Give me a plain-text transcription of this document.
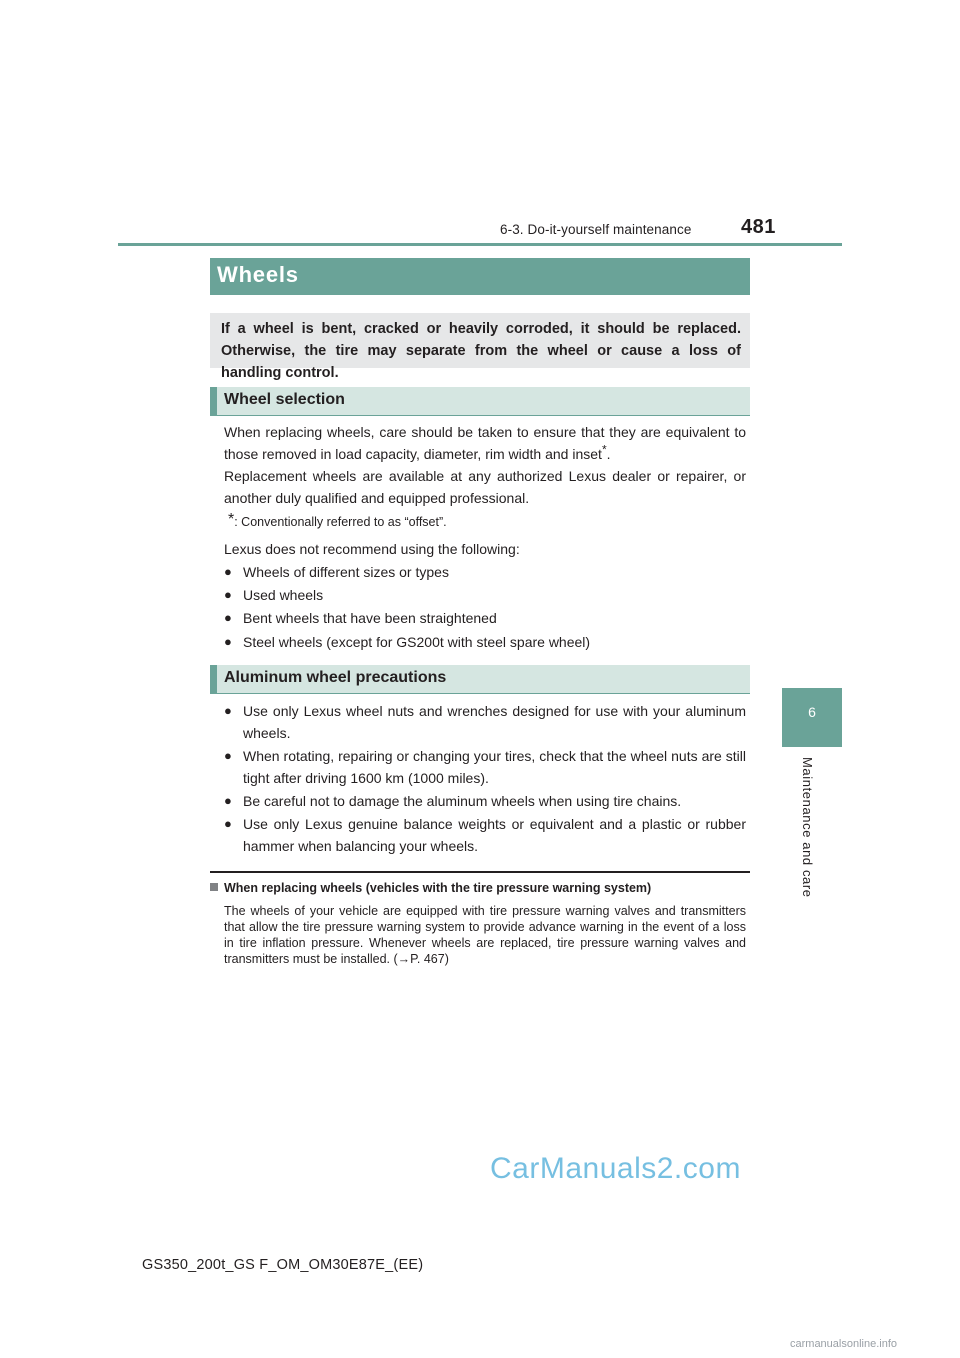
6-3. Do-it-yourself maintenance 481
6
Maintenance and care
Wheels
If a wheel is bent, cracked or heavily corroded, it should be replaced. Otherwise, the tire may separate from the wheel or cause a loss of handling control.
Wheel selection
When replacing wheels, care should be taken to ensure that they are equivalent to those removed in load capacity, diameter, rim width and inset*.
Replacement wheels are available at any authorized Lexus dealer or repairer, or another duly qualified and equipped professional.
*: Conventionally referred to as “offset”.
Lexus does not recommend using the following:
● Wheels of different sizes or types
● Used wheels
● Bent wheels that have been straightened
● Steel wheels (except for GS200t with steel spare wheel)
Aluminum wheel precautions
● Use only Lexus wheel nuts and wrenches designed for use with your aluminum wheels.
● When rotating, repairing or changing your tires, check that the wheel nuts are still tight after driving 1600 km (1000 miles).
● Be careful not to damage the aluminum wheels when using tire chains.
● Use only Lexus genuine balance weights or equivalent and a plastic or rubber hammer when balancing your wheels.
When replacing wheels (vehicles with the tire pressure warning system)
The wheels of your vehicle are equipped with tire pressure warning valves and transmitters that allow the tire pressure warning system to provide advance warning in the event of a loss in tire inflation pressure. Whenever wheels are replaced, tire pressure warning valves and transmitters must be installed. (→P. 467)
GS350_200t_GS F_OM_OM30E87E_(EE)
CarManuals2.com
carmanualsonline.info
